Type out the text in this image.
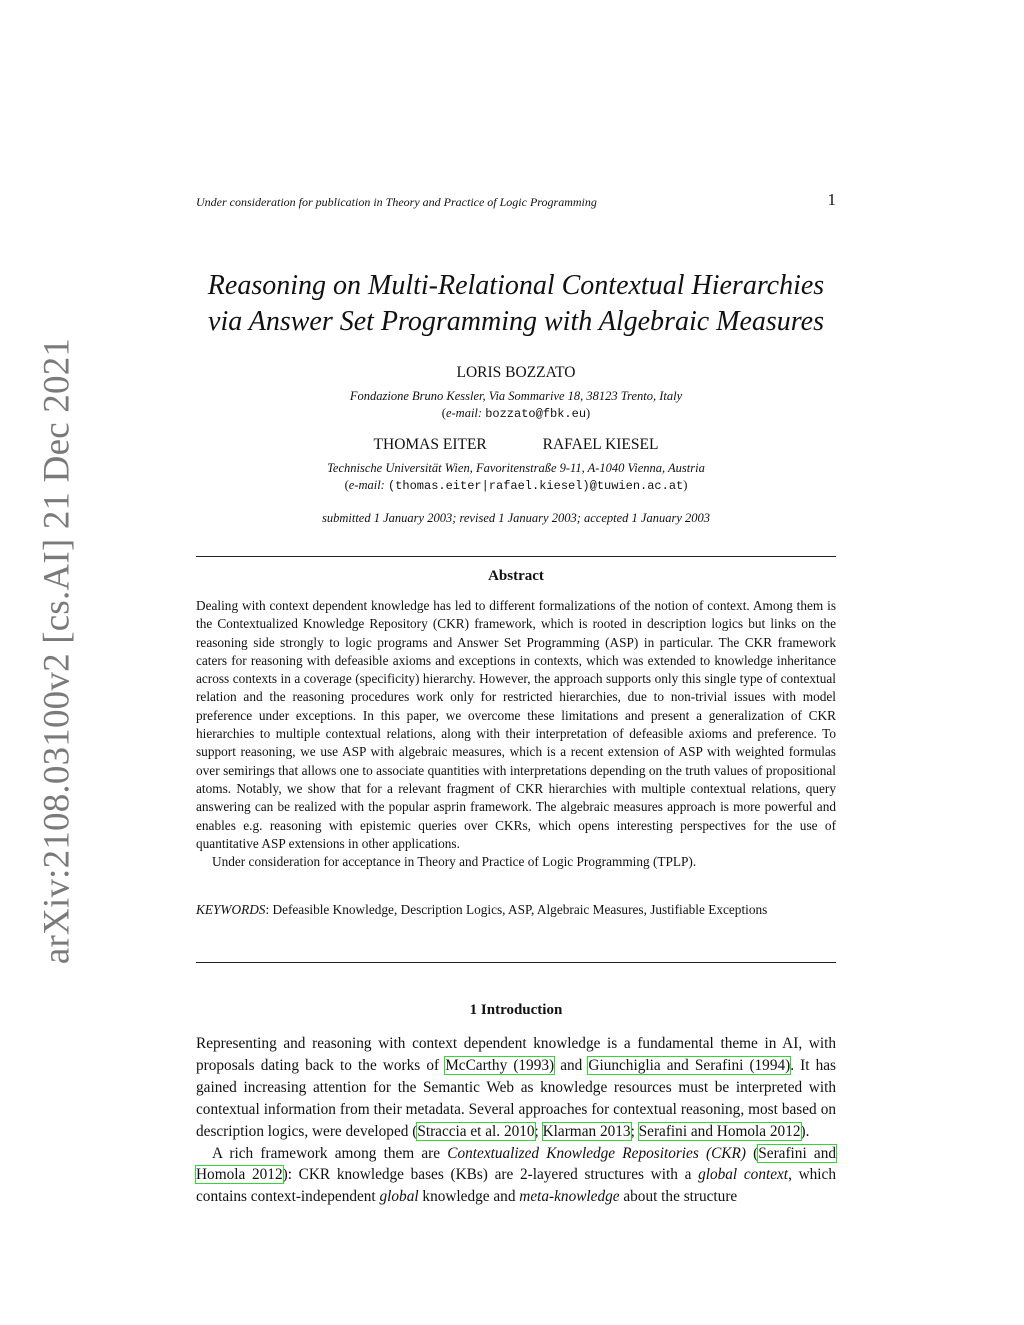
arXiv:2108.03100v2 [cs.AI] 21 Dec 2021
Under consideration for publication in Theory and Practice of Logic Programming	1
Reasoning on Multi-Relational Contextual Hierarchies
via Answer Set Programming with Algebraic Measures
LORIS BOZZATO
Fondazione Bruno Kessler, Via Sommarive 18, 38123 Trento, Italy
(e-mail: bozzato@fbk.eu)
THOMAS EITER	RAFAEL KIESEL
Technische Universität Wien, Favoritenstraße 9-11, A-1040 Vienna, Austria
(e-mail: (thomas.eiter|rafael.kiesel)@tuwien.ac.at)
submitted 1 January 2003; revised 1 January 2003; accepted 1 January 2003
Abstract

Dealing with context dependent knowledge has led to different formalizations of the notion of context. Among them is the Contextualized Knowledge Repository (CKR) framework, which is rooted in description logics but links on the reasoning side strongly to logic programs and Answer Set Programming (ASP) in particular. The CKR framework caters for reasoning with defeasible axioms and exceptions in contexts, which was extended to knowledge inheritance across contexts in a coverage (specificity) hierarchy. However, the approach supports only this single type of contextual relation and the reasoning procedures work only for restricted hierarchies, due to non-trivial issues with model preference under exceptions. In this paper, we overcome these limitations and present a generalization of CKR hierarchies to multiple contextual relations, along with their interpretation of defeasible axioms and preference. To support reasoning, we use ASP with algebraic measures, which is a recent extension of ASP with weighted formulas over semirings that allows one to associate quantities with interpretations depending on the truth values of propositional atoms. Notably, we show that for a relevant fragment of CKR hierarchies with multiple contextual relations, query answering can be realized with the popular asprin framework. The algebraic measures approach is more powerful and enables e.g. reasoning with epistemic queries over CKRs, which opens interesting perspectives for the use of quantitative ASP extensions in other applications.

Under consideration for acceptance in Theory and Practice of Logic Programming (TPLP).

KEYWORDS: Defeasible Knowledge, Description Logics, ASP, Algebraic Measures, Justifiable Exceptions
1 Introduction

Representing and reasoning with context dependent knowledge is a fundamental theme in AI, with proposals dating back to the works of McCarthy (1993) and Giunchiglia and Serafini (1994). It has gained increasing attention for the Semantic Web as knowledge resources must be interpreted with contextual information from their metadata. Several approaches for contextual reasoning, most based on description logics, were developed (Straccia et al. 2010; Klarman 2013; Serafini and Homola 2012).

A rich framework among them are Contextualized Knowledge Repositories (CKR) (Serafini and Homola 2012): CKR knowledge bases (KBs) are 2-layered structures with a global context, which contains context-independent global knowledge and meta-knowledge about the structure
